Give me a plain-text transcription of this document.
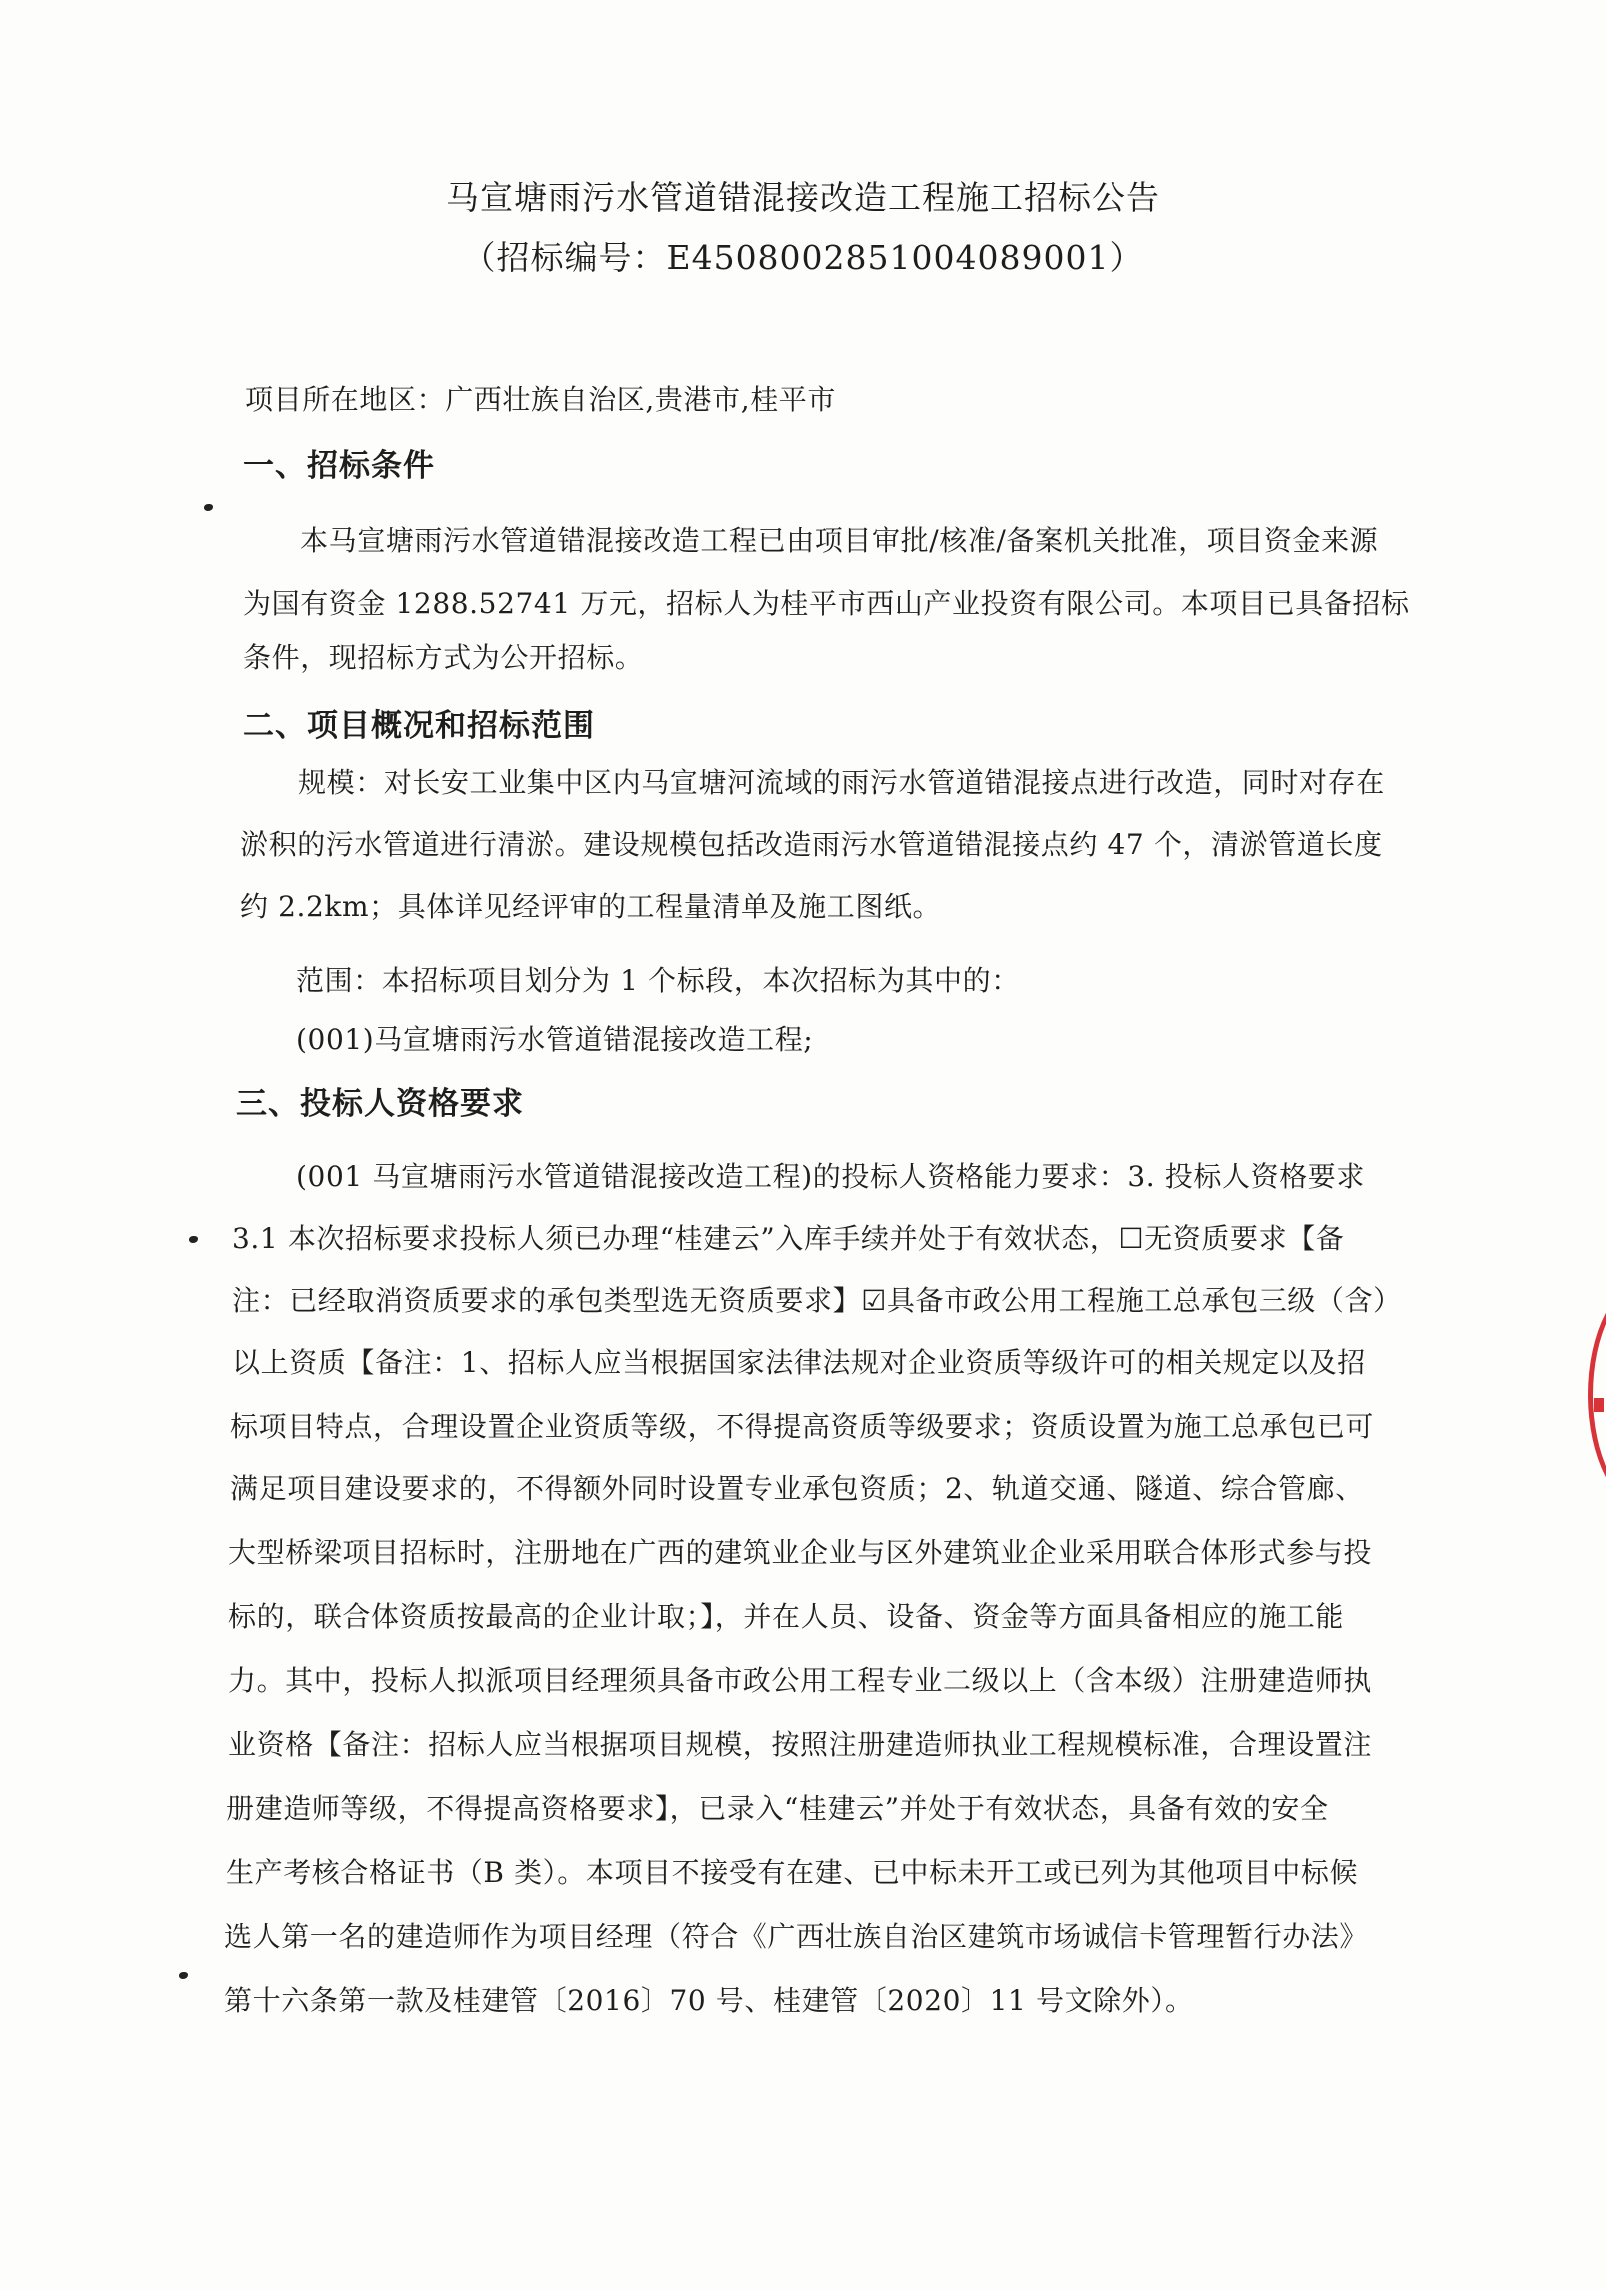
马宣塘雨污水管道错混接改造工程施工招标公告
（招标编号：E4508002851004089001）
项目所在地区：广西壮族自治区,贵港市,桂平市
一、招标条件
本马宣塘雨污水管道错混接改造工程已由项目审批/核准/备案机关批准，项目资金来源
为国有资金 1288.52741 万元，招标人为桂平市西山产业投资有限公司。本项目已具备招标
条件，现招标方式为公开招标。
二、项目概况和招标范围
规模：对长安工业集中区内马宣塘河流域的雨污水管道错混接点进行改造，同时对存在
淤积的污水管道进行清淤。建设规模包括改造雨污水管道错混接点约 47 个，清淤管道长度
约 2.2km；具体详见经评审的工程量清单及施工图纸。
范围：本招标项目划分为 1 个标段，本次招标为其中的：
(001)马宣塘雨污水管道错混接改造工程;
三、投标人资格要求
(001 马宣塘雨污水管道错混接改造工程)的投标人资格能力要求：3. 投标人资格要求
3.1 本次招标要求投标人须已办理“桂建云”入库手续并处于有效状态，☐无资质要求【备
注：已经取消资质要求的承包类型选无资质要求】☑具备市政公用工程施工总承包三级（含）
以上资质【备注：1、招标人应当根据国家法律法规对企业资质等级许可的相关规定以及招
标项目特点，合理设置企业资质等级，不得提高资质等级要求；资质设置为施工总承包已可
满足项目建设要求的，不得额外同时设置专业承包资质；2、轨道交通、隧道、综合管廊、
大型桥梁项目招标时，注册地在广西的建筑业企业与区外建筑业企业采用联合体形式参与投
标的，联合体资质按最高的企业计取；】，并在人员、设备、资金等方面具备相应的施工能
力。其中，投标人拟派项目经理须具备市政公用工程专业二级以上（含本级）注册建造师执
业资格【备注：招标人应当根据项目规模，按照注册建造师执业工程规模标准，合理设置注
册建造师等级，不得提高资格要求】，已录入“桂建云”并处于有效状态，具备有效的安全
生产考核合格证书（B 类）。本项目不接受有在建、已中标未开工或已列为其他项目中标候
选人第一名的建造师作为项目经理（符合《广西壮族自治区建筑市场诚信卡管理暂行办法》
第十六条第一款及桂建管〔2016〕70 号、桂建管〔2020〕11 号文除外）。
